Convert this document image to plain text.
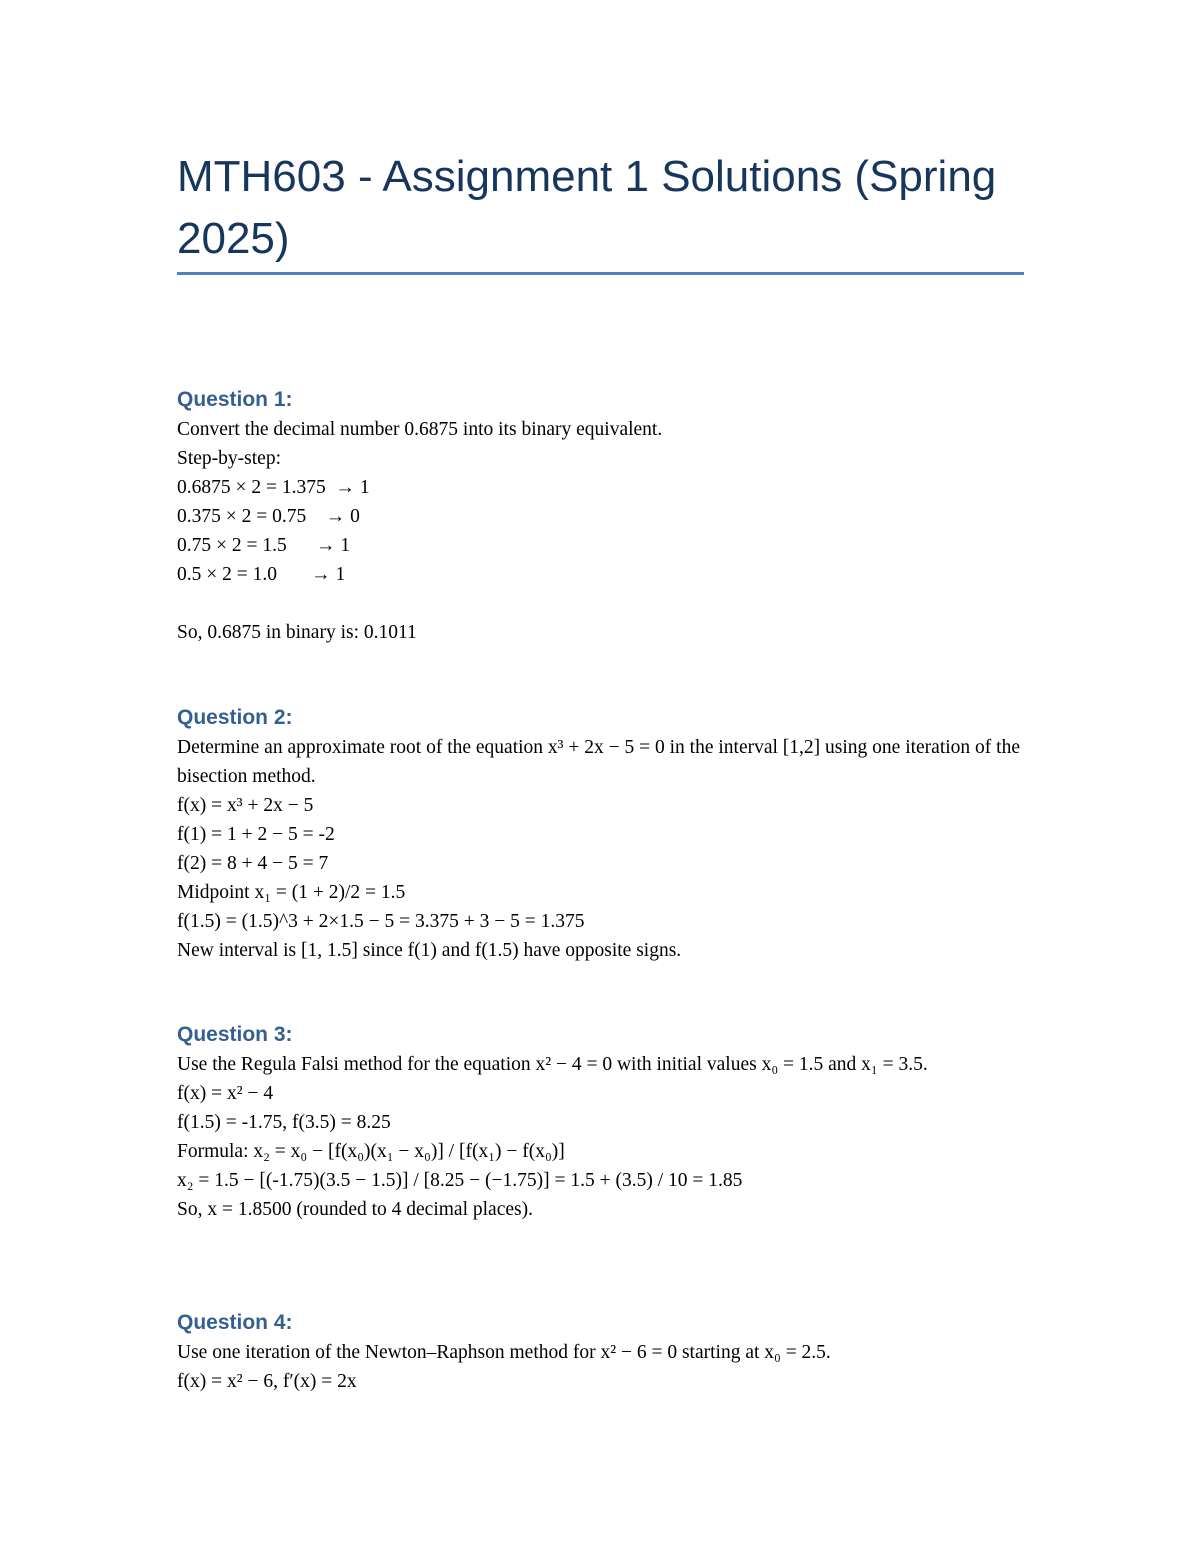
MTH603 - Assignment 1 Solutions (Spring 2025)
Question 1:
Convert the decimal number 0.6875 into its binary equivalent.
Step-by-step:
0.6875 × 2 = 1.375  → 1
0.375 × 2 = 0.75    → 0
0.75 × 2 = 1.5      → 1
0.5 × 2 = 1.0       → 1
So, 0.6875 in binary is: 0.1011
Question 2:
Determine an approximate root of the equation x³ + 2x − 5 = 0 in the interval [1,2] using one iteration of the bisection method.
f(x) = x³ + 2x − 5
f(1) = 1 + 2 − 5 = -2
f(2) = 8 + 4 − 5 = 7
Midpoint x₁ = (1 + 2)/2 = 1.5
f(1.5) = (1.5)^3 + 2×1.5 − 5 = 3.375 + 3 − 5 = 1.375
New interval is [1, 1.5] since f(1) and f(1.5) have opposite signs.
Question 3:
Use the Regula Falsi method for the equation x² − 4 = 0 with initial values x₀ = 1.5 and x₁ = 3.5.
f(x) = x² − 4
f(1.5) = -1.75, f(3.5) = 8.25
Formula: x₂ = x₀ − [f(x₀)(x₁ − x₀)] / [f(x₁) − f(x₀)]
x₂ = 1.5 − [(-1.75)(3.5 − 1.5)] / [8.25 − (−1.75)] = 1.5 + (3.5) / 10 = 1.85
So, x = 1.8500 (rounded to 4 decimal places).
Question 4:
Use one iteration of the Newton–Raphson method for x² − 6 = 0 starting at x₀ = 2.5.
f(x) = x² − 6, f′(x) = 2x
